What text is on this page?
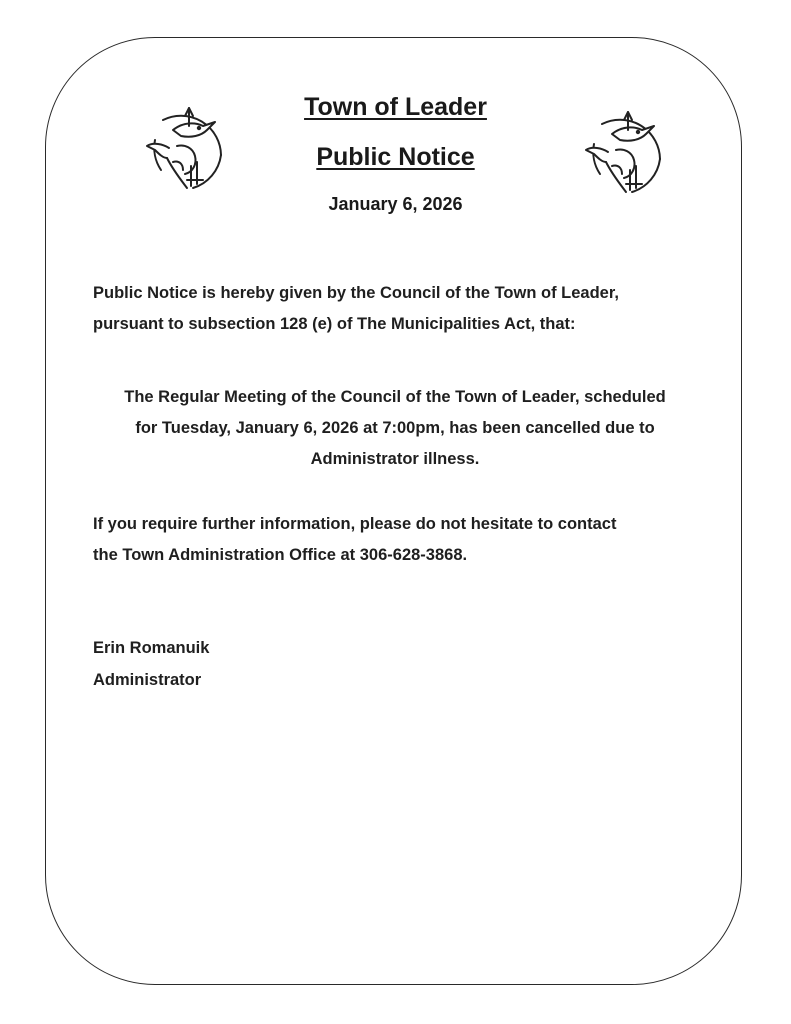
Town of Leader
Public Notice

January 6, 2026

Public Notice is hereby given by the Council of the Town of Leader,
pursuant to subsection 128 (e) of The Municipalities Act, that:

The Regular Meeting of the Council of the Town of Leader, scheduled
for Tuesday, January 6, 2026 at 7:00pm, has been cancelled due to
Administrator illness.

If you require further information, please do not hesitate to contact
the Town Administration Office at 306-628-3868.

Erin Romanuik

Administrator
